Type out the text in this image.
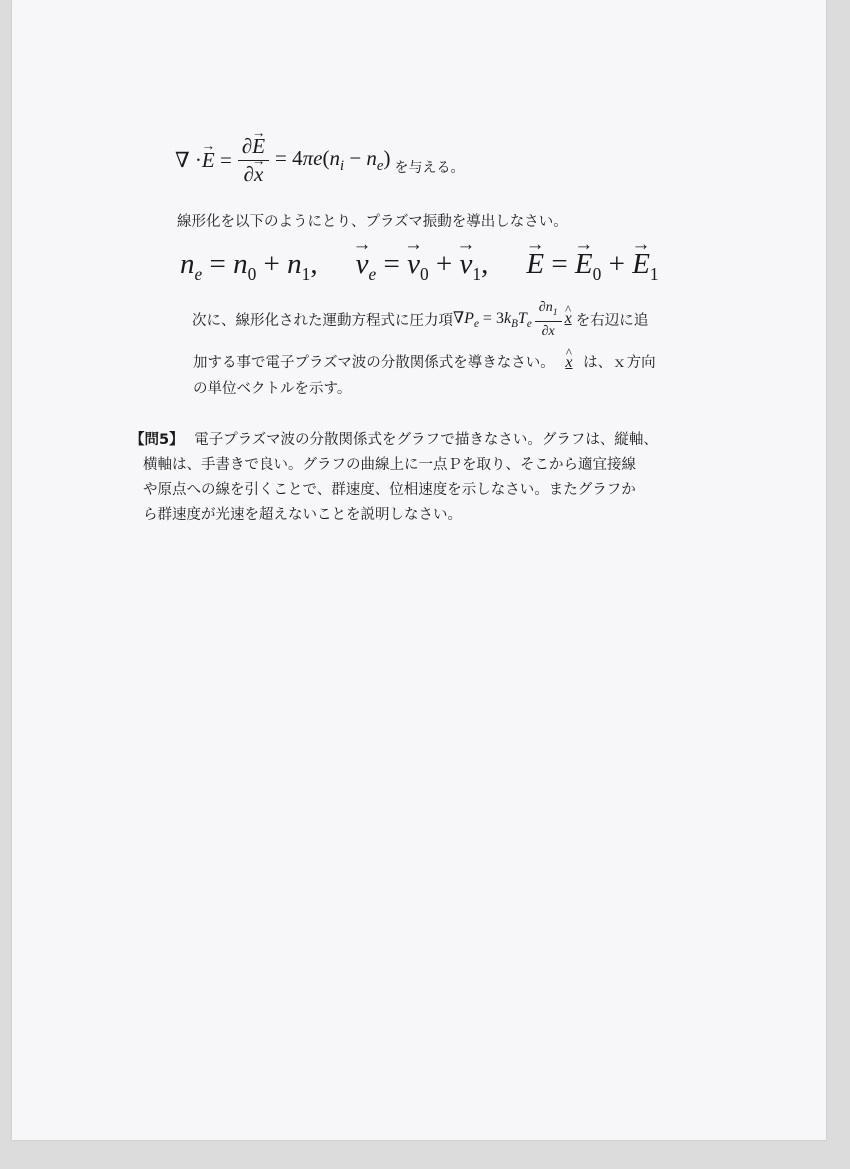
∇ · → $E = \frac{\partial\to E}{\partial\to x} = 4\pi e(n_i - n_e)$ を与える。
線形化を以下のようにとり、プラズマ振動を導出しなさい。
$n_e = n_0 + n_1$, → $v_e$ = → $v_0$ + → $v_1$, → E = → $E_0$ + → $E_1$
次に、線形化された運動方程式に圧力項 $\nabla P_e = 3k_BT_e \frac{\partial n_1}{\partial x}$ ^ x を右辺に追
加する事で電子プラズマ波の分散関係式を導きなさい。 ^ x は、ｘ方向
の単位ベクトルを示す。
【問5】 電子プラズマ波の分散関係式をグラフで描きなさい。グラフは、縦軸、
横軸は、手書きで良い。グラフの曲線上に一点Ｐを取り、そこから適宜接線
や原点への線を引くことで、群速度、位相速度を示しなさい。またグラフか
ら群速度が光速を超えないことを説明しなさい。
